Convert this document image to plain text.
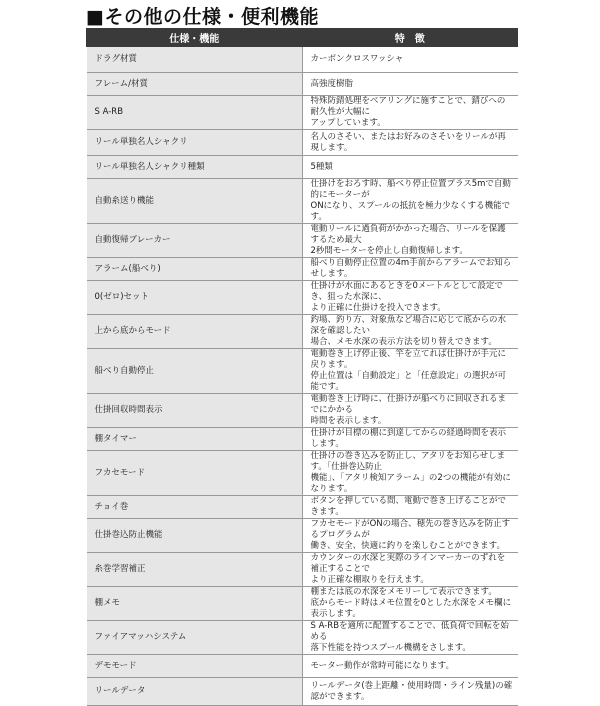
■その他の仕様・便利機能
仕様・機能	特　徴
ドラグ材質	カーボンクロスワッシャ

フレーム/材質	高強度樹脂

S A-RB	特殊防錆処理をベアリングに施すことで、錆びへの耐久性が大幅に
アップしています。

リール単独名人シャクリ	名人のさそい、またはお好みのさそいをリールが再現します。

リール単独名人シャクリ種類	5種類

自動糸送り機能	仕掛けをおろす時、船べり停止位置プラス5mで自動的にモーターが
ONになり、スプールの抵抗を極力少なくする機能です。

自動復帰ブレーカー	電動リールに過負荷がかかった場合、リールを保護するため最大
2秒間モーターを停止し自動復帰します。

アラーム(船べり)	船べり自動停止位置の4m手前からアラームでお知らせします。

0(ゼロ)セット	仕掛けが水面にあるときを0メートルとして設定でき、狙った水深に、
より正確に仕掛けを投入できます。

上から底からモード	釣場、釣り方、対象魚など場合に応じて底からの水深を確認したい
場合、メモ水深の表示方法を切り替えできます。

船べり自動停止	電動巻き上げ停止後、竿を立てれば仕掛けが手元に戻ります。
停止位置は「自動設定」と「任意設定」の選択が可能です。

仕掛回収時間表示	電動巻き上げ時に、仕掛けが船べりに回収されるまでにかかる
時間を表示します。

棚タイマー	仕掛けが目標の棚に到達してからの経過時間を表示します。

フカセモード	仕掛けの巻き込みを防止し、アタリをお知らせします。「仕掛巻込防止
機能」、「アタリ検知アラーム」の2つの機能が有効になります。

チョイ巻	ボタンを押している間、電動で巻き上げることができます。

仕掛巻込防止機能	フカセモードがONの場合、穂先の巻き込みを防止するプログラムが
働き、安全、快適に釣りを楽しむことができます。

糸巻学習補正	カウンターの水深と実際のラインマーカーのずれを補正することで
より正確な棚取りを行えます。

棚メモ	棚または底の水深をメモリーして表示できます。
底からモード時はメモ位置を0とした水深をメモ欄に表示します。

ファイアマッハシステム	S A-RBを適所に配置することで、低負荷で回転を始める
落下性能を持つスプール機構をさします。

デモモード	モーター動作が常時可能になります。

リールデータ	リールデータ(巻上距離・使用時間・ライン残量)の確認ができます。
